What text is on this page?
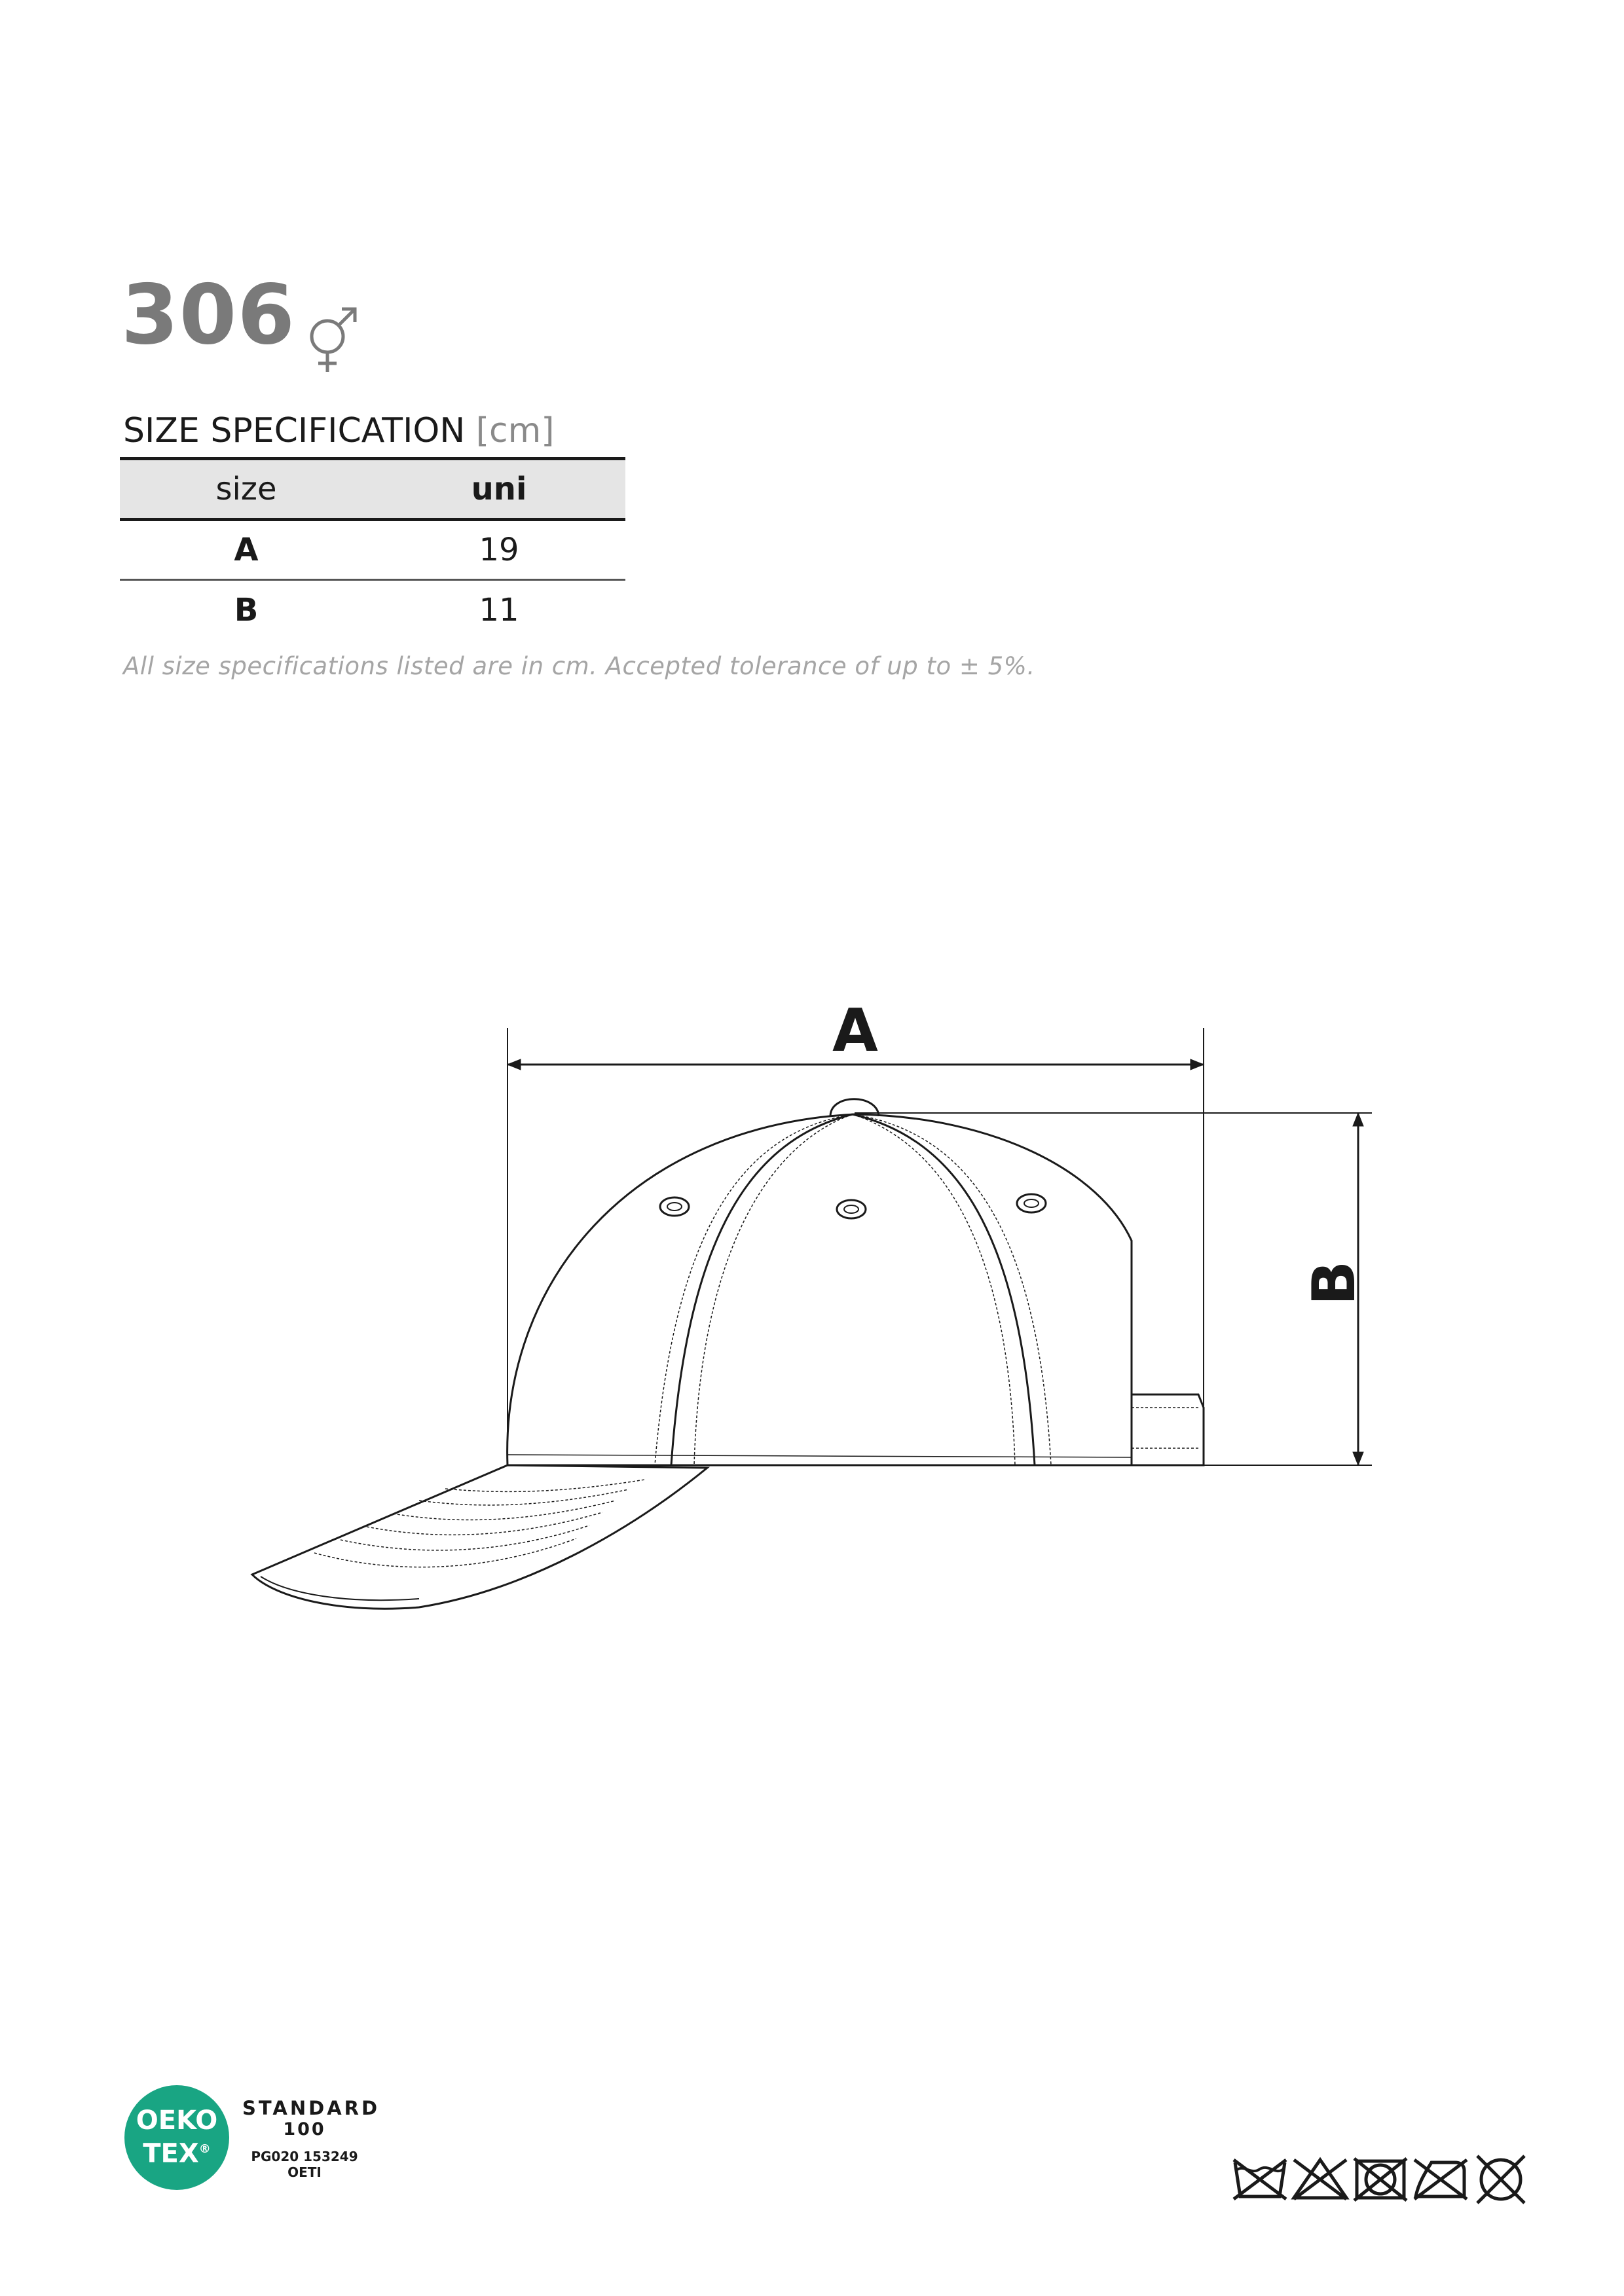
306
SIZE SPECIFICATION [cm]
size	uni
A	19
B	11
All size specifications listed are in cm. Accepted tolerance of up to ± 5%.
A
B
OEKO
TEX®
STANDARD
100
PG020 153249
OETI
